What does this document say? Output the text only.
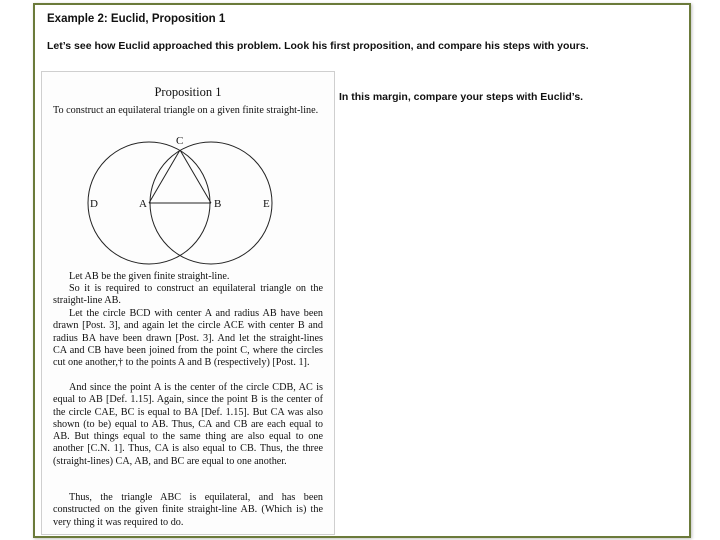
Example 2: Euclid, Proposition 1
Let’s see how Euclid approached this problem. Look his first proposition, and compare his steps with yours.
In this margin, compare your steps with Euclid’s.
Proposition 1

To construct an equilateral triangle on a given finite straight-line.

C
A	B
D	E

Let AB be the given finite straight-line.

So it is required to construct an equilateral triangle on the straight-line AB.

Let the circle BCD with center A and radius AB have been drawn [Post. 3], and again let the circle ACE with center B and radius BA have been drawn [Post. 3]. And let the straight-lines CA and CB have been joined from the point C, where the circles cut one another,† to the points A and B (respectively) [Post. 1].

And since the point A is the center of the circle CDB, AC is equal to AB [Def. 1.15]. Again, since the point B is the center of the circle CAE, BC is equal to BA [Def. 1.15]. But CA was also shown (to be) equal to AB. Thus, CA and CB are each equal to AB. But things equal to the same thing are also equal to one another [C.N. 1]. Thus, CA is also equal to CB. Thus, the three (straight-lines) CA, AB, and BC are equal to one another.

Thus, the triangle ABC is equilateral, and has been constructed on the given finite straight-line AB. (Which is) the very thing it was required to do.
